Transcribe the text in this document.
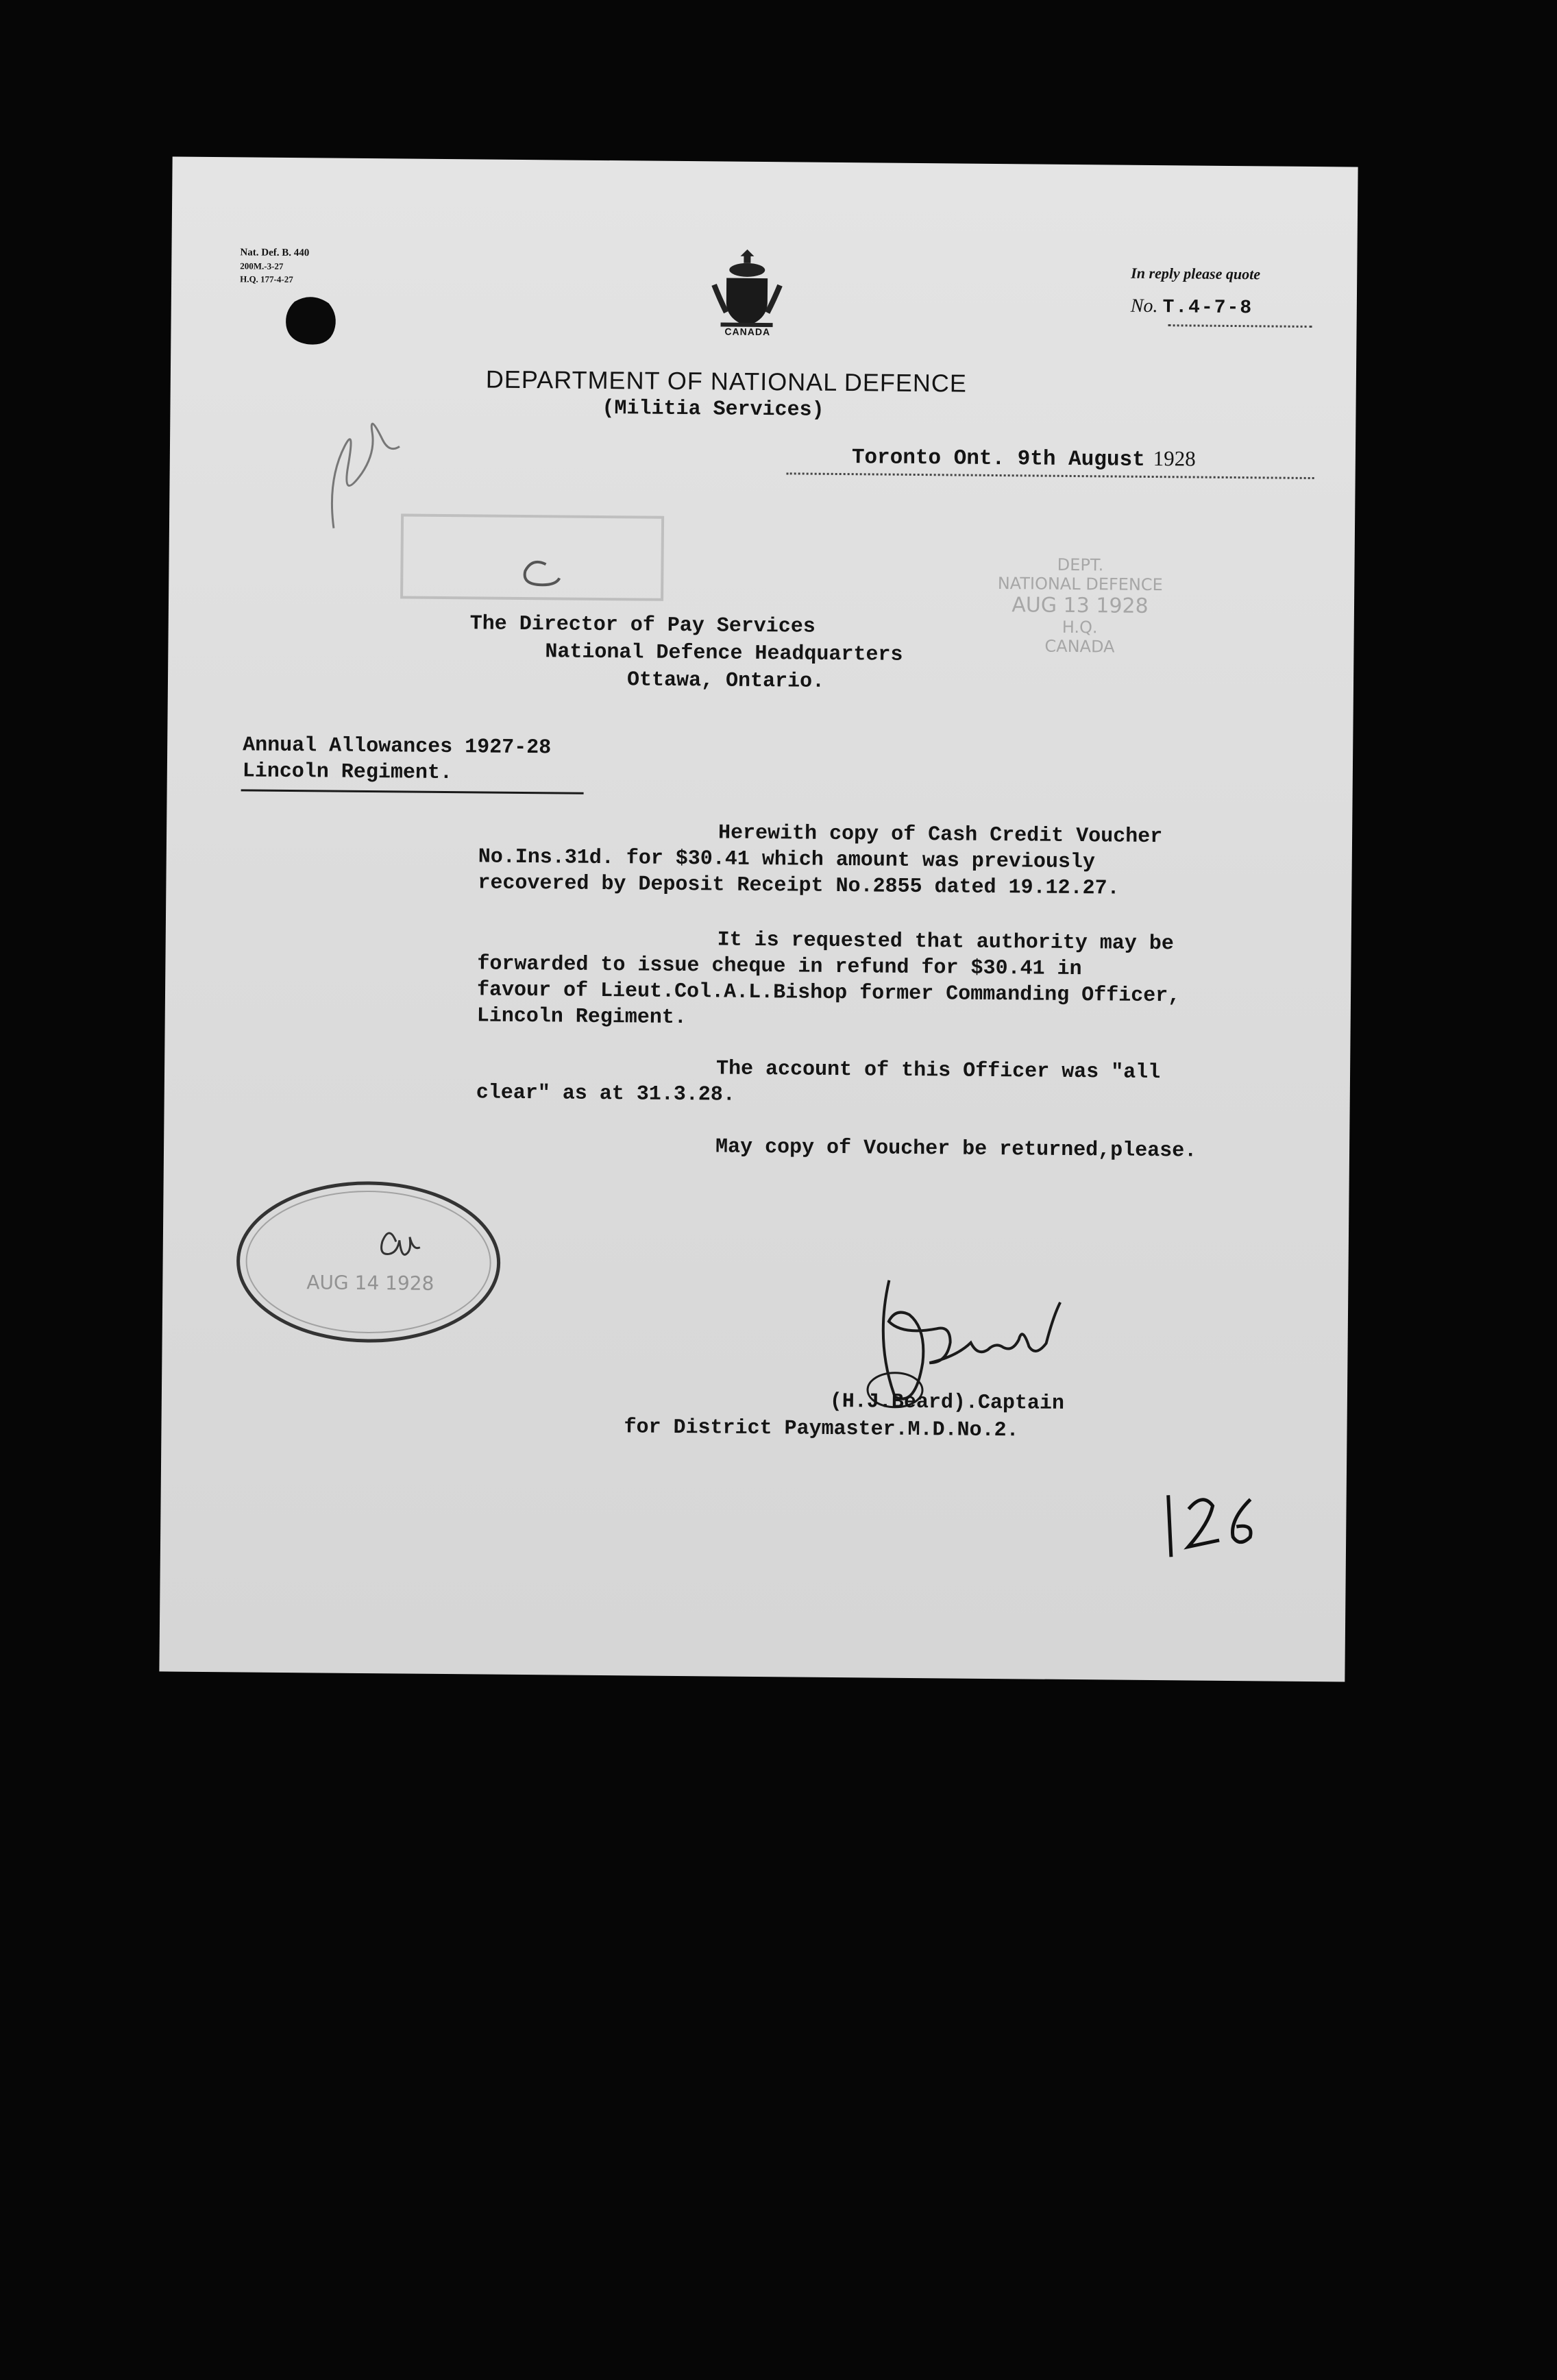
Nat. Def. B. 440
200M.-3-27
H.Q. 177-4-27
CANADA
In reply please quote
No. T.4-7-8
DEPARTMENT OF NATIONAL DEFENCE
(Militia Services)
Toronto Ont. 9th August 1928
DEPT.
NATIONAL DEFENCE
AUG 13 1928
H.Q.
CANADA
The Director of Pay Services
National Defence Headquarters
Ottawa, Ontario.
Annual Allowances 1927-28
Lincoln Regiment.
Herewith copy of Cash Credit Voucher
No.Ins.31d. for $30.41 which amount was previously
recovered by Deposit Receipt No.2855 dated 19.12.27.
It is requested that authority may be
forwarded to issue cheque in refund for $30.41 in
favour of Lieut.Col.A.L.Bishop former Commanding Officer,
Lincoln Regiment.
The account of this Officer was "all
clear" as at 31.3.28.
May copy of Voucher be returned,please.
AUG 14 1928
(H.J.Beard).Captain
for District Paymaster.M.D.No.2.
